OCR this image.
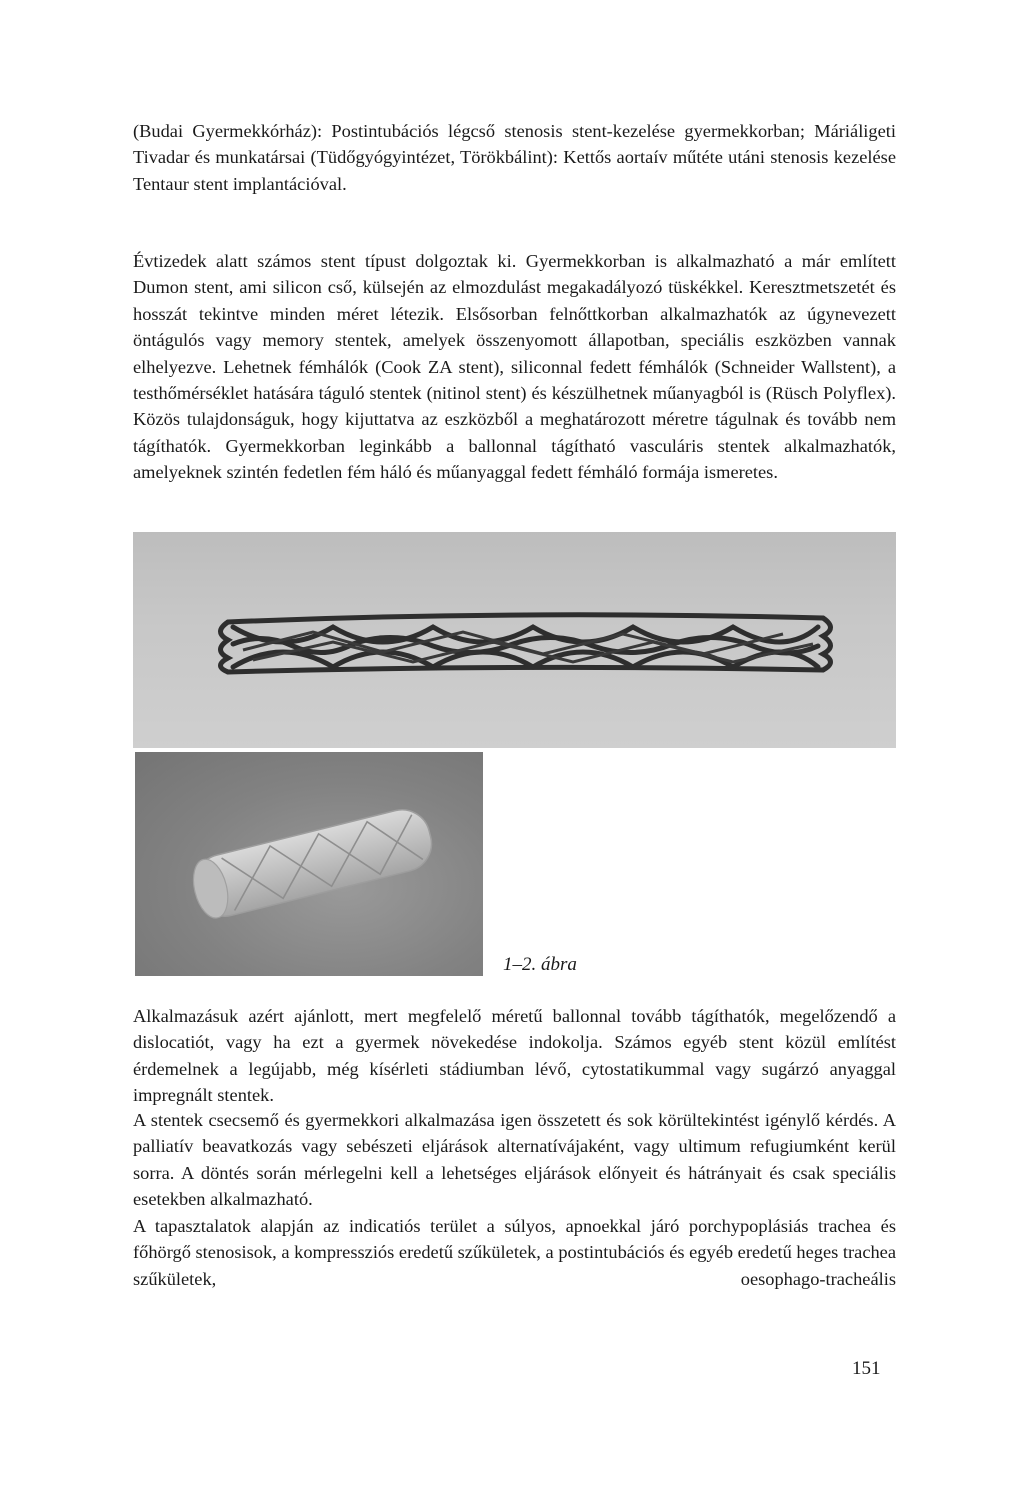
(Budai Gyermekkórház): Postintubációs légcső stenosis stent-kezelése gyermekkorban; Máriáligeti Tivadar és munkatársai (Tüdőgyógyintézet, Törökbálint): Kettős aortaív műtéte utáni stenosis kezelése Tentaur stent implantációval.

Évtizedek alatt számos stent típust dolgoztak ki. Gyermekkorban is alkalmazható a már említett Dumon stent, ami silicon cső, külsején az elmozdulást megakadályozó tüskékkel. Keresztmetszetét és hosszát tekintve minden méret létezik. Elsősorban felnőttkorban alkalmazhatók az úgynevezett öntágulós vagy memory stentek, amelyek összenyomott állapotban, speciális eszközben vannak elhelyezve. Lehetnek fémhálók (Cook ZA stent), siliconnal fedett fémhálók (Schneider Wallstent), a testhőmérséklet hatására táguló stentek (nitinol stent) és készülhetnek műanyagból is (Rüsch Polyflex). Közös tulajdonságuk, hogy kijuttatva az eszközből a meghatározott méretre tágulnak és tovább nem tágíthatók. Gyermekkorban leginkább a ballonnal tágítható vasculáris stentek alkalmazhatók, amelyeknek szintén fedetlen fém háló és műanyaggal fedett fémháló formája ismeretes.

1–2. ábra

Alkalmazásuk azért ajánlott, mert megfelelő méretű ballonnal tovább tágíthatók, megelőzendő a dislocatiót, vagy ha ezt a gyermek növekedése indokolja. Számos egyéb stent közül említést érdemelnek a legújabb, még kísérleti stádiumban lévő, cytostatikummal vagy sugárzó anyaggal impregnált stentek.

A stentek csecsemő és gyermekkori alkalmazása igen összetett és sok körültekintést igénylő kérdés. A palliatív beavatkozás vagy sebészeti eljárások alternatívájaként, vagy ultimum refugiumként kerül sorra. A döntés során mérlegelni kell a lehetséges eljárások előnyeit és hátrányait és csak speciális esetekben alkalmazható.

A tapasztalatok alapján az indicatiós terület a súlyos, apnoekkal járó porchypoplásiás trachea és főhörgő stenosisok, a kompressziós eredetű szűkületek, a postintubációs és egyéb eredetű heges trachea szűkületek, oesophago-tracheális

151
